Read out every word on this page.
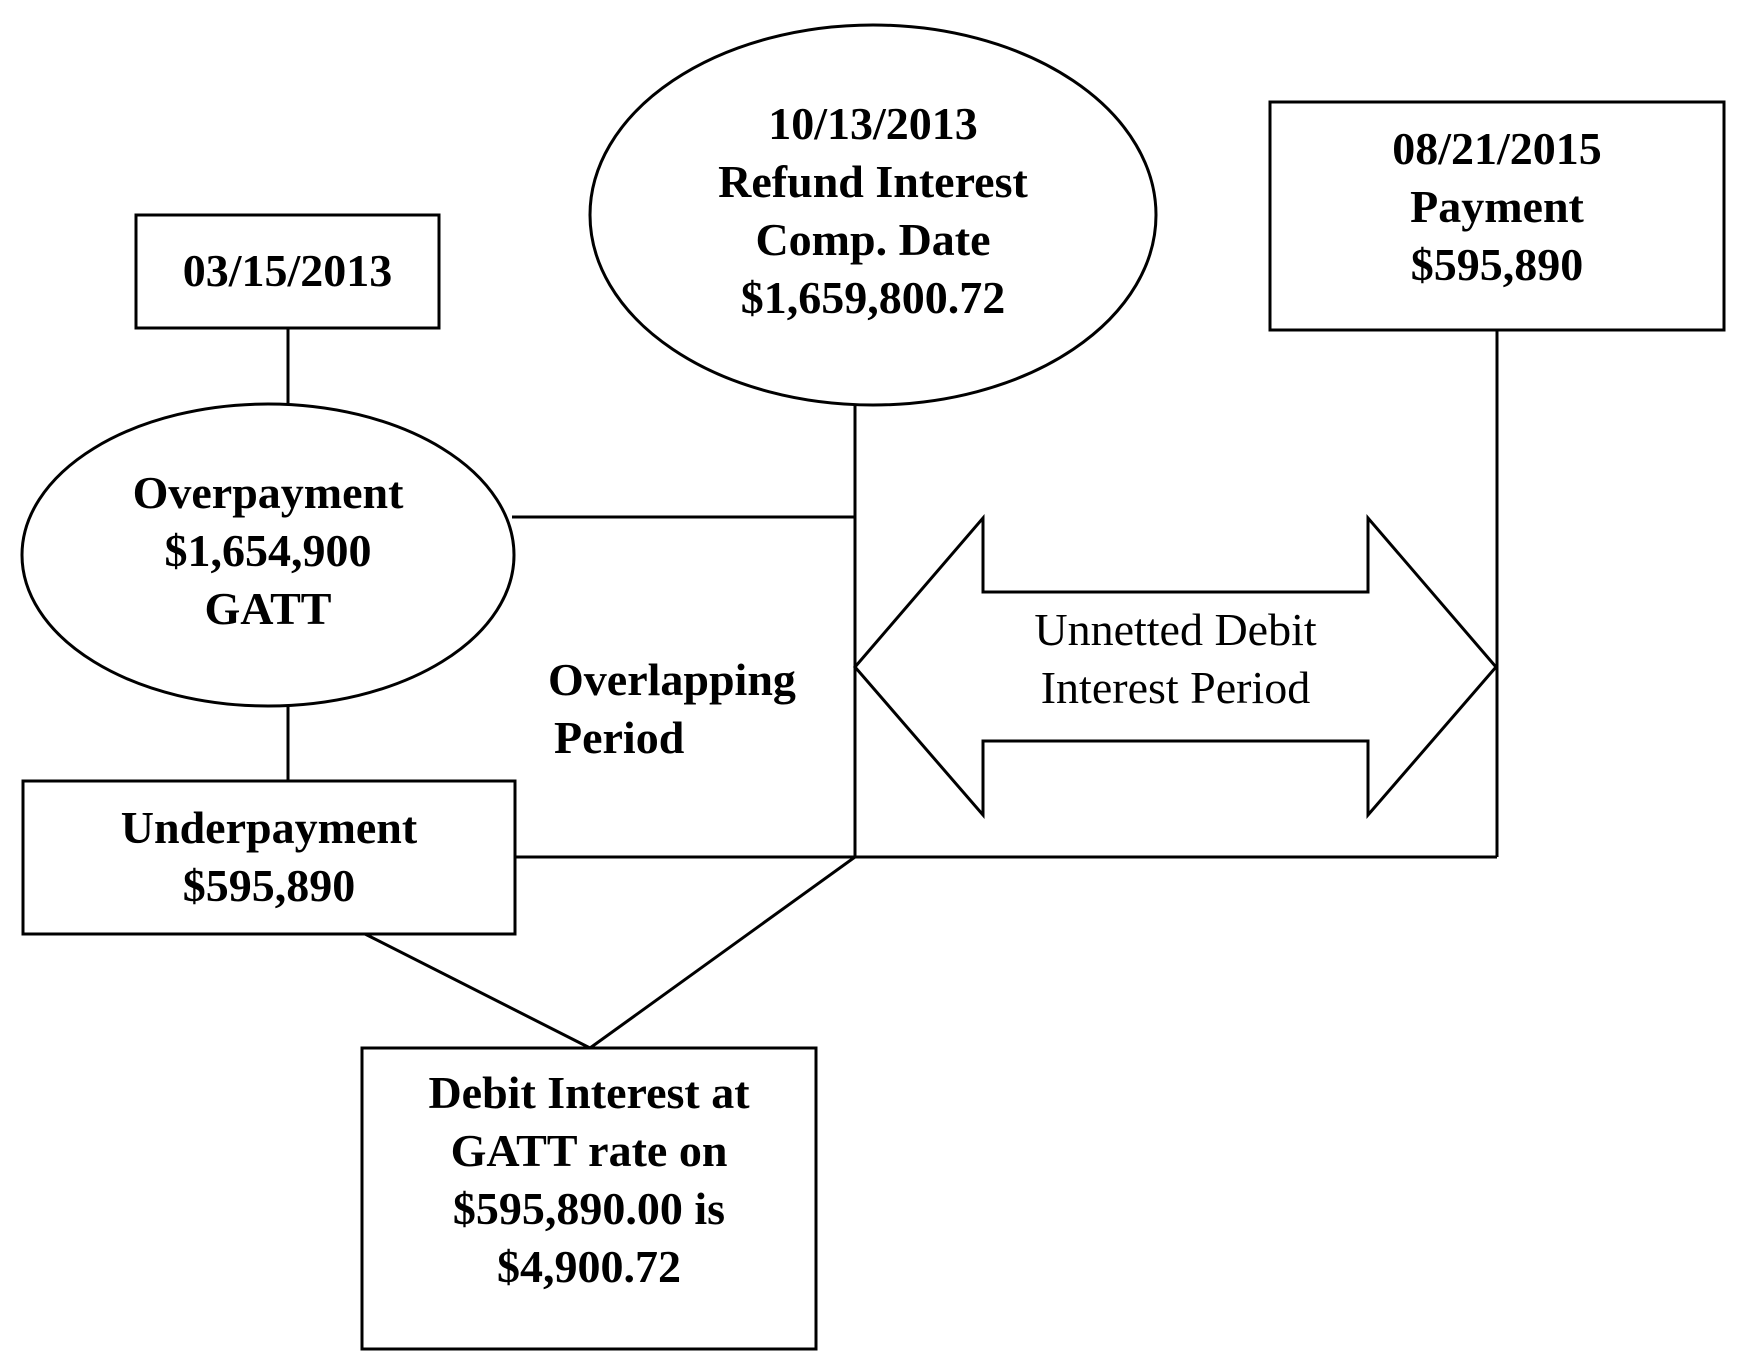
03/15/2013
Overpayment
$1,654,900
GATT
10/13/2013
Refund Interest
Comp. Date
$1,659,800.72
08/21/2015
Payment
$595,890
Underpayment
$595,890
Debit Interest at
GATT rate on
$595,890.00 is
$4,900.72
Overlapping
Period
Unnetted Debit
Interest Period
